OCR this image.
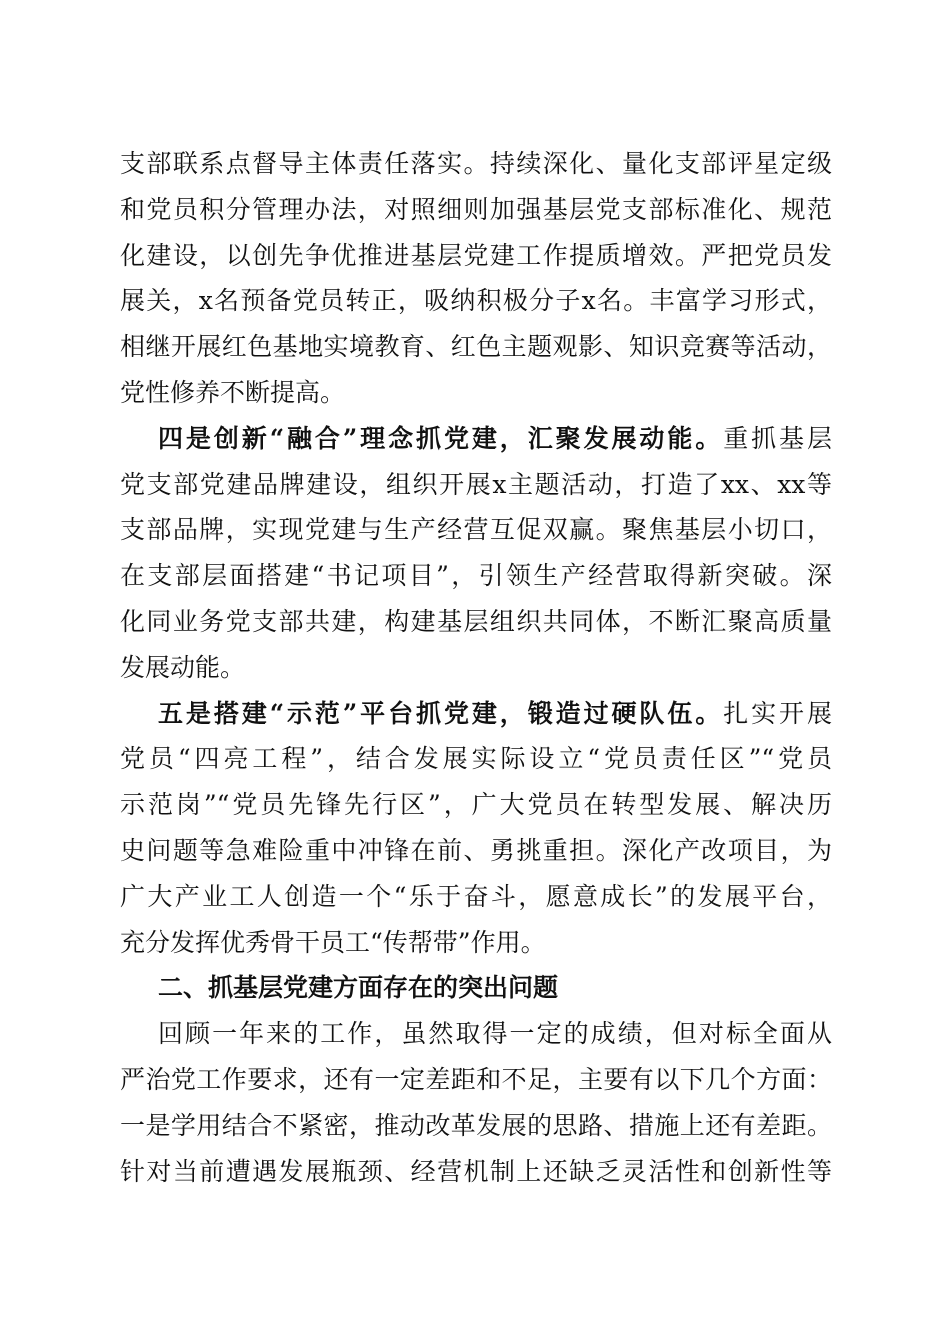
支部联系点督导主体责任落实。持续深化、量化支部评星定级
和党员积分管理办法，对照细则加强基层党支部标准化、规范
化建设，以创先争优推进基层党建工作提质增效。严把党员发
展关，x名预备党员转正，吸纳积极分子x名。丰富学习形式，
相继开展红色基地实境教育、红色主题观影、知识竞赛等活动，
党性修养不断提高。
四是创新“融合”理念抓党建，汇聚发展动能。重抓基层
党支部党建品牌建设，组织开展x主题活动，打造了xx、xx等
支部品牌，实现党建与生产经营互促双赢。聚焦基层小切口，
在支部层面搭建“书记项目”，引领生产经营取得新突破。深
化同业务党支部共建，构建基层组织共同体，不断汇聚高质量
发展动能。
五是搭建“示范”平台抓党建，锻造过硬队伍。扎实开展
党员“四亮工程”，结合发展实际设立“党员责任区”“党员
示范岗”“党员先锋先行区”，广大党员在转型发展、解决历
史问题等急难险重中冲锋在前、勇挑重担。深化产改项目，为
广大产业工人创造一个“乐于奋斗，愿意成长”的发展平台，
充分发挥优秀骨干员工“传帮带”作用。
二、抓基层党建方面存在的突出问题
回顾一年来的工作，虽然取得一定的成绩，但对标全面从
严治党工作要求，还有一定差距和不足，主要有以下几个方面：
一是学用结合不紧密，推动改革发展的思路、措施上还有差距。
针对当前遭遇发展瓶颈、经营机制上还缺乏灵活性和创新性等
